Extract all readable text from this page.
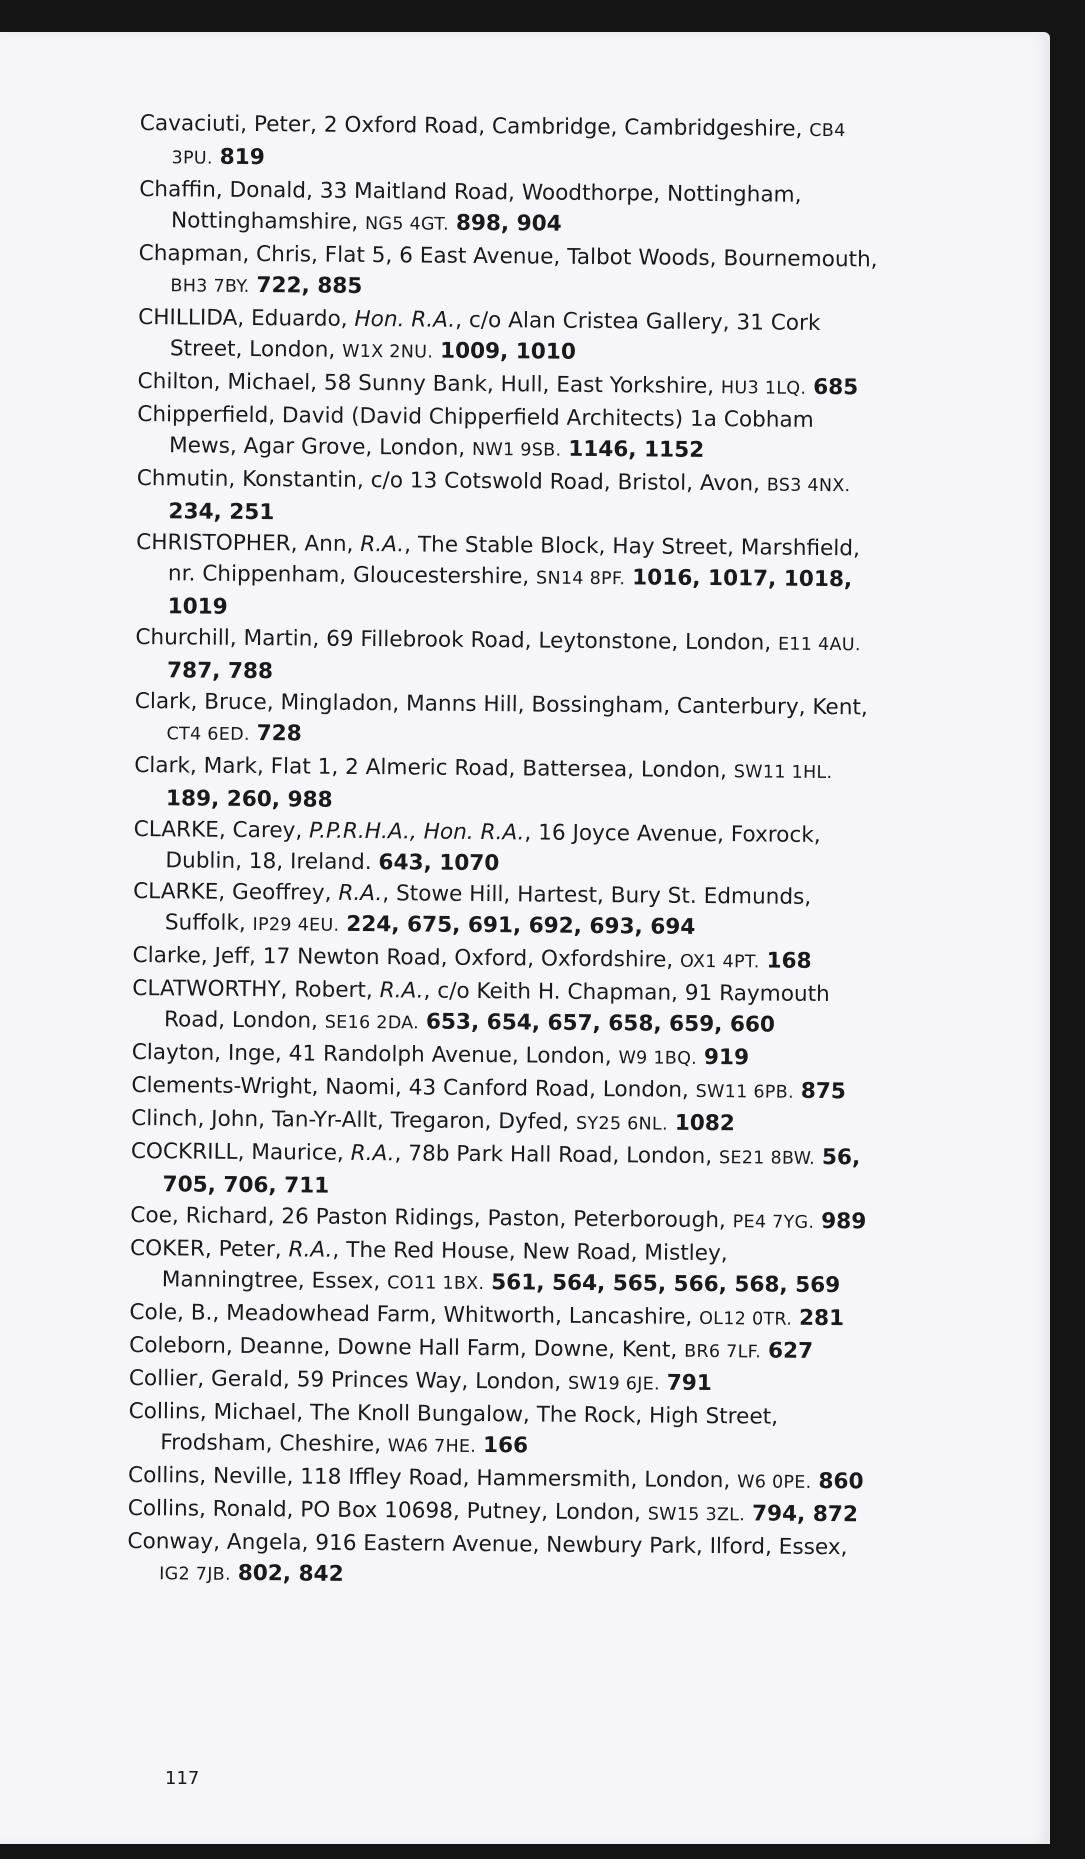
Cavaciuti, Peter, 2 Oxford Road, Cambridge, Cambridgeshire, CB4 3PU. 819
Chaffin, Donald, 33 Maitland Road, Woodthorpe, Nottingham, Nottinghamshire, NG5 4GT. 898, 904
Chapman, Chris, Flat 5, 6 East Avenue, Talbot Woods, Bournemouth, BH3 7BY. 722, 885
CHILLIDA, Eduardo, Hon. R.A., c/o Alan Cristea Gallery, 31 Cork Street, London, W1X 2NU. 1009, 1010
Chilton, Michael, 58 Sunny Bank, Hull, East Yorkshire, HU3 1LQ. 685
Chipperfield, David (David Chipperfield Architects) 1a Cobham Mews, Agar Grove, London, NW1 9SB. 1146, 1152
Chmutin, Konstantin, c/o 13 Cotswold Road, Bristol, Avon, BS3 4NX. 234, 251
CHRISTOPHER, Ann, R.A., The Stable Block, Hay Street, Marshfield, nr. Chippenham, Gloucestershire, SN14 8PF. 1016, 1017, 1018, 1019
Churchill, Martin, 69 Fillebrook Road, Leytonstone, London, E11 4AU. 787, 788
Clark, Bruce, Mingladon, Manns Hill, Bossingham, Canterbury, Kent, CT4 6ED. 728
Clark, Mark, Flat 1, 2 Almeric Road, Battersea, London, SW11 1HL. 189, 260, 988
CLARKE, Carey, P.P.R.H.A., Hon. R.A., 16 Joyce Avenue, Foxrock, Dublin, 18, Ireland. 643, 1070
CLARKE, Geoffrey, R.A., Stowe Hill, Hartest, Bury St. Edmunds, Suffolk, IP29 4EU. 224, 675, 691, 692, 693, 694
Clarke, Jeff, 17 Newton Road, Oxford, Oxfordshire, OX1 4PT. 168
CLATWORTHY, Robert, R.A., c/o Keith H. Chapman, 91 Raymouth Road, London, SE16 2DA. 653, 654, 657, 658, 659, 660
Clayton, Inge, 41 Randolph Avenue, London, W9 1BQ. 919
Clements-Wright, Naomi, 43 Canford Road, London, SW11 6PB. 875
Clinch, John, Tan-Yr-Allt, Tregaron, Dyfed, SY25 6NL. 1082
COCKRILL, Maurice, R.A., 78b Park Hall Road, London, SE21 8BW. 56, 705, 706, 711
Coe, Richard, 26 Paston Ridings, Paston, Peterborough, PE4 7YG. 989
COKER, Peter, R.A., The Red House, New Road, Mistley, Manningtree, Essex, CO11 1BX. 561, 564, 565, 566, 568, 569
Cole, B., Meadowhead Farm, Whitworth, Lancashire, OL12 0TR. 281
Coleborn, Deanne, Downe Hall Farm, Downe, Kent, BR6 7LF. 627
Collier, Gerald, 59 Princes Way, London, SW19 6JE. 791
Collins, Michael, The Knoll Bungalow, The Rock, High Street, Frodsham, Cheshire, WA6 7HE. 166
Collins, Neville, 118 Iffley Road, Hammersmith, London, W6 0PE. 860
Collins, Ronald, PO Box 10698, Putney, London, SW15 3ZL. 794, 872
Conway, Angela, 916 Eastern Avenue, Newbury Park, Ilford, Essex, IG2 7JB. 802, 842
117
